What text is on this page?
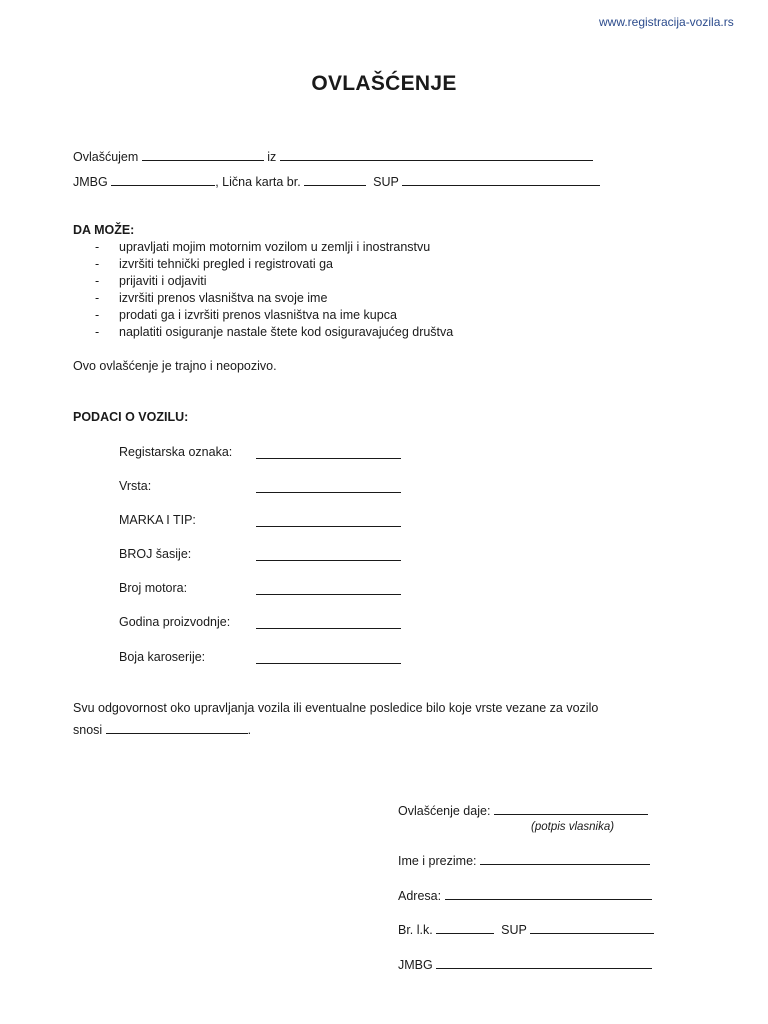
www.registracija-vozila.rs
OVLAŠĆENJE
Ovlašćujem	iz
JMBG	, Lična karta br.	SUP
DA MOŽE:
- upravljati mojim motornim vozilom u zemlji i inostranstvu
- izvršiti tehnički pregled i registrovati ga
- prijaviti i odjaviti
- izvršiti prenos vlasništva na svoje ime
- prodati ga i izvršiti prenos vlasništva na ime kupca
- naplatiti osiguranje nastale štete kod osiguravajućeg društva
Ovo ovlašćenje je trajno i neopozivo.
PODACI O VOZILU:
Registarska oznaka:
Vrsta:
MARKA I TIP:
BROJ šasije:
Broj motora:
Godina proizvodnje:
Boja karoserije:
Svu odgovornost oko upravljanja vozila ili eventualne posledice bilo koje vrste vezane za vozilo
snosi	.
Ovlašćenje daje:
(potpis vlasnika)
Ime i prezime:
Adresa:
Br. l.k.	SUP
JMBG
